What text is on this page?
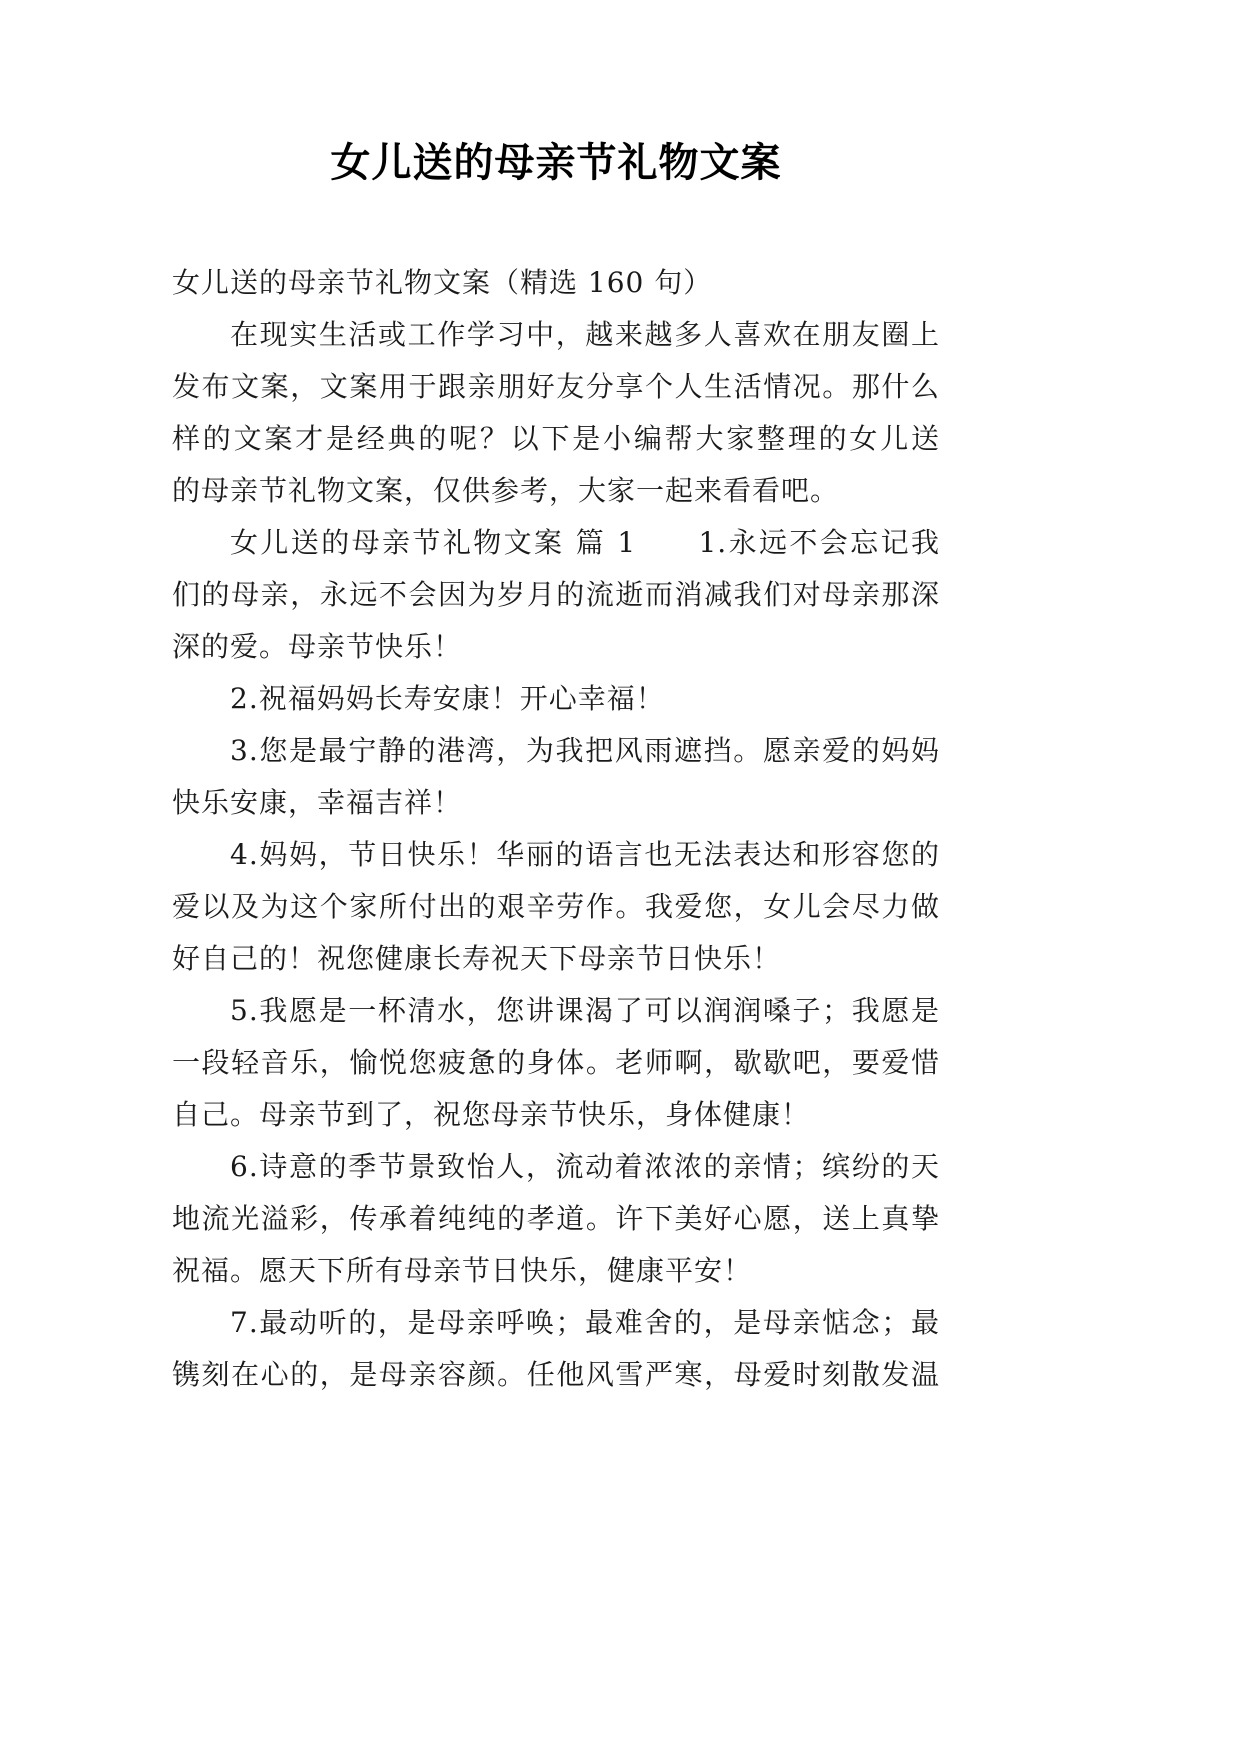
女儿送的母亲节礼物文案
女儿送的母亲节礼物文案（精选 160 句）
在现实生活或工作学习中，越来越多人喜欢在朋友圈上
发布文案，文案用于跟亲朋好友分享个人生活情况。那什么
样的文案才是经典的呢？以下是小编帮大家整理的女儿送
的母亲节礼物文案，仅供参考，大家一起来看看吧。
女儿送的母亲节礼物文案 篇 1　　1.永远不会忘记我
们的母亲，永远不会因为岁月的流逝而消减我们对母亲那深
深的爱。母亲节快乐！
2.祝福妈妈长寿安康！开心幸福！
3.您是最宁静的港湾，为我把风雨遮挡。愿亲爱的妈妈
快乐安康，幸福吉祥！
4.妈妈，节日快乐！华丽的语言也无法表达和形容您的
爱以及为这个家所付出的艰辛劳作。我爱您，女儿会尽力做
好自己的！祝您健康长寿祝天下母亲节日快乐！
5.我愿是一杯清水，您讲课渴了可以润润嗓子；我愿是
一段轻音乐，愉悦您疲惫的身体。老师啊，歇歇吧，要爱惜
自己。母亲节到了，祝您母亲节快乐，身体健康！
6.诗意的季节景致怡人，流动着浓浓的亲情；缤纷的天
地流光溢彩，传承着纯纯的孝道。许下美好心愿，送上真挚
祝福。愿天下所有母亲节日快乐，健康平安！
7.最动听的，是母亲呼唤；最难舍的，是母亲惦念；最
镌刻在心的，是母亲容颜。任他风雪严寒，母爱时刻散发温
